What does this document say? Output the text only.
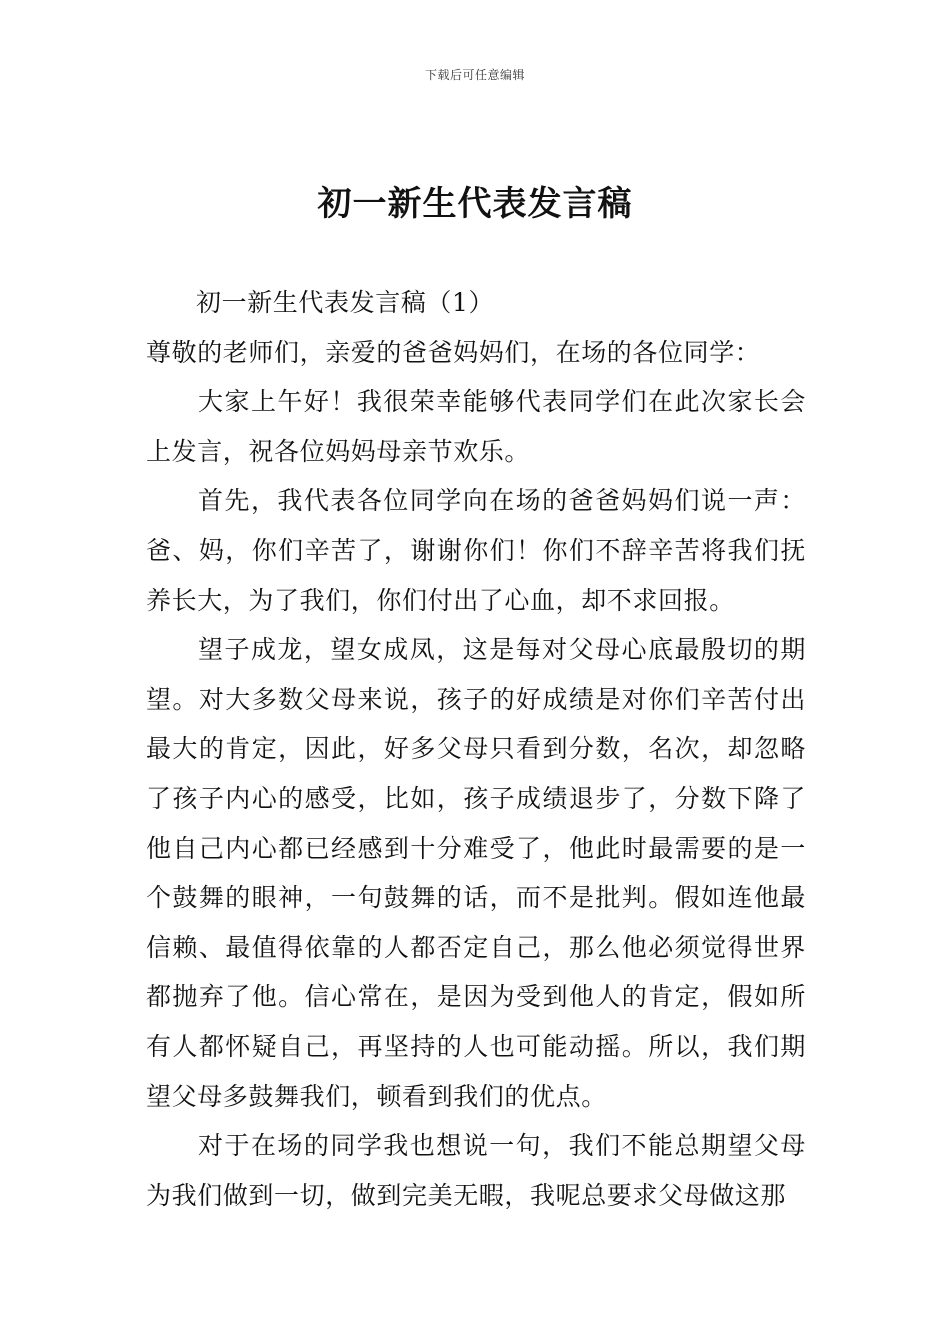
下载后可任意编辑
初一新生代表发言稿

初一新生代表发言稿（1）

尊敬的老师们，亲爱的爸爸妈妈们，在场的各位同学：

大家上午好！我很荣幸能够代表同学们在此次家长会上发言，祝各位妈妈母亲节欢乐。

首先，我代表各位同学向在场的爸爸妈妈们说一声：爸、妈，你们辛苦了，谢谢你们！你们不辞辛苦将我们抚养长大，为了我们，你们付出了心血，却不求回报。

望子成龙，望女成凤，这是每对父母心底最殷切的期望。对大多数父母来说，孩子的好成绩是对你们辛苦付出最大的肯定，因此，好多父母只看到分数，名次，却忽略了孩子内心的感受，比如，孩子成绩退步了，分数下降了他自己内心都已经感到十分难受了，他此时最需要的是一个鼓舞的眼神，一句鼓舞的话，而不是批判。假如连他最信赖、最值得依靠的人都否定自己，那么他必须觉得世界都抛弃了他。信心常在，是因为受到他人的肯定，假如所有人都怀疑自己，再坚持的人也可能动摇。所以，我们期望父母多鼓舞我们，顿看到我们的优点。

对于在场的同学我也想说一句，我们不能总期望父母为我们做到一切，做到完美无暇，我呢总要求父母做这那
